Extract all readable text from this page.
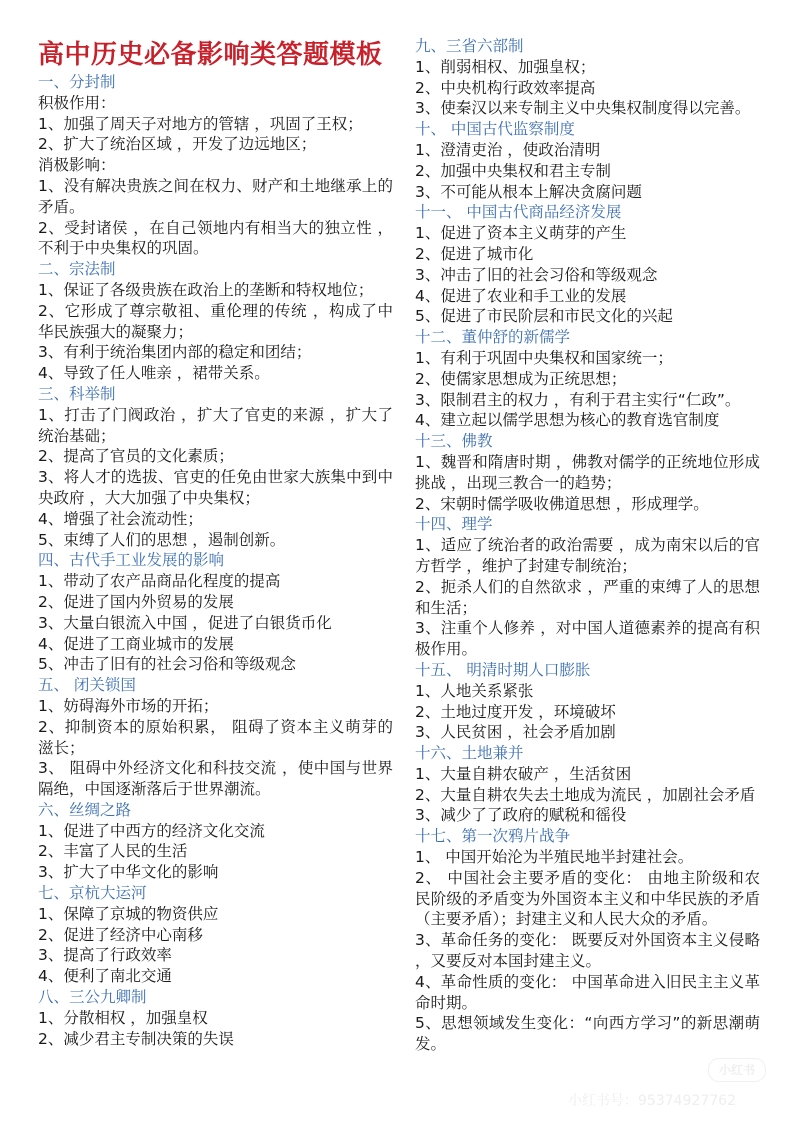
高中历史必备影响类答题模板
一、分封制
积极作用：
1、加强了周天子对地方的管辖 ，巩固了王权；
2、扩大了统治区域 ，开发了边远地区；
消极影响：
1、没有解决贵族之间在权力、财产和土地继承上的矛盾。
2、受封诸侯 ，在自己领地内有相当大的独立性 ，不利于中央集权的巩固。
二、宗法制
1、保证了各级贵族在政治上的垄断和特权地位；
2、它形成了尊宗敬祖、重伦理的传统 ，构成了中华民族强大的凝聚力；
3、有利于统治集团内部的稳定和团结；
4、导致了任人唯亲 ，裙带关系。
三、科举制
1、打击了门阀政治 ，扩大了官吏的来源 ，扩大了统治基础；
2、提高了官员的文化素质；
3、将人才的选拔、官吏的任免由世家大族集中到中央政府 ，大大加强了中央集权；
4、增强了社会流动性；
5、束缚了人们的思想 ，遏制创新。
四、古代手工业发展的影响
1、带动了农产品商品化程度的提高
2、促进了国内外贸易的发展
3、大量白银流入中国 ，促进了白银货币化
4、促进了工商业城市的发展
5、冲击了旧有的社会习俗和等级观念
五、 闭关锁国
1、妨碍海外市场的开拓；
2、抑制资本的原始积累， 阻碍了资本主义萌芽的滋长；
3、 阻碍中外经济文化和科技交流 ，使中国与世界隔绝，中国逐渐落后于世界潮流。
六、丝绸之路
1、促进了中西方的经济文化交流
2、丰富了人民的生活
3、扩大了中华文化的影响
七、京杭大运河
1、保障了京城的物资供应
2、促进了经济中心南移
3、提高了行政效率
4、便利了南北交通
八、三公九卿制
1、分散相权 ，加强皇权
2、减少君主专制决策的失误
九、三省六部制
1、削弱相权、加强皇权；
2、中央机构行政效率提高
3、使秦汉以来专制主义中央集权制度得以完善。
十、 中国古代监察制度
1、澄清吏治 ，使政治清明
2、加强中央集权和君主专制
3、不可能从根本上解决贪腐问题
十一、 中国古代商品经济发展
1、促进了资本主义萌芽的产生
2、促进了城市化
3、冲击了旧的社会习俗和等级观念
4、促进了农业和手工业的发展
5、促进了市民阶层和市民文化的兴起
十二、董仲舒的新儒学
1、有利于巩固中央集权和国家统一；
2、使儒家思想成为正统思想；
3、限制君主的权力 ，有利于君主实行“仁政”。
4、建立起以儒学思想为核心的教育选官制度
十三、佛教
1、魏晋和隋唐时期 ，佛教对儒学的正统地位形成挑战 ，出现三教合一的趋势；
2、宋朝时儒学吸收佛道思想 ，形成理学。
十四、理学
1、适应了统治者的政治需要 ，成为南宋以后的官方哲学 ，维护了封建专制统治；
2、扼杀人们的自然欲求 ，严重的束缚了人的思想和生活；
3、注重个人修养 ，对中国人道德素养的提高有积极作用。
十五、 明清时期人口膨胀
1、人地关系紧张
2、土地过度开发 ，环境破坏
3、人民贫困 ，社会矛盾加剧
十六、土地兼并
1、大量自耕农破产 ，生活贫困
2、大量自耕农失去土地成为流民 ，加剧社会矛盾
3、减少了了政府的赋税和徭役
十七、第一次鸦片战争
1、 中国开始沦为半殖民地半封建社会。
2、 中国社会主要矛盾的变化： 由地主阶级和农民阶级的矛盾变为外国资本主义和中华民族的矛盾（主要矛盾）；封建主义和人民大众的矛盾。
3、革命任务的变化： 既要反对外国资本主义侵略 ，又要反对本国封建主义。
4、革命性质的变化： 中国革命进入旧民主主义革命时期。
5、思想领域发生变化：“向西方学习”的新思潮萌发。
小红书
小红书号：95374927762
